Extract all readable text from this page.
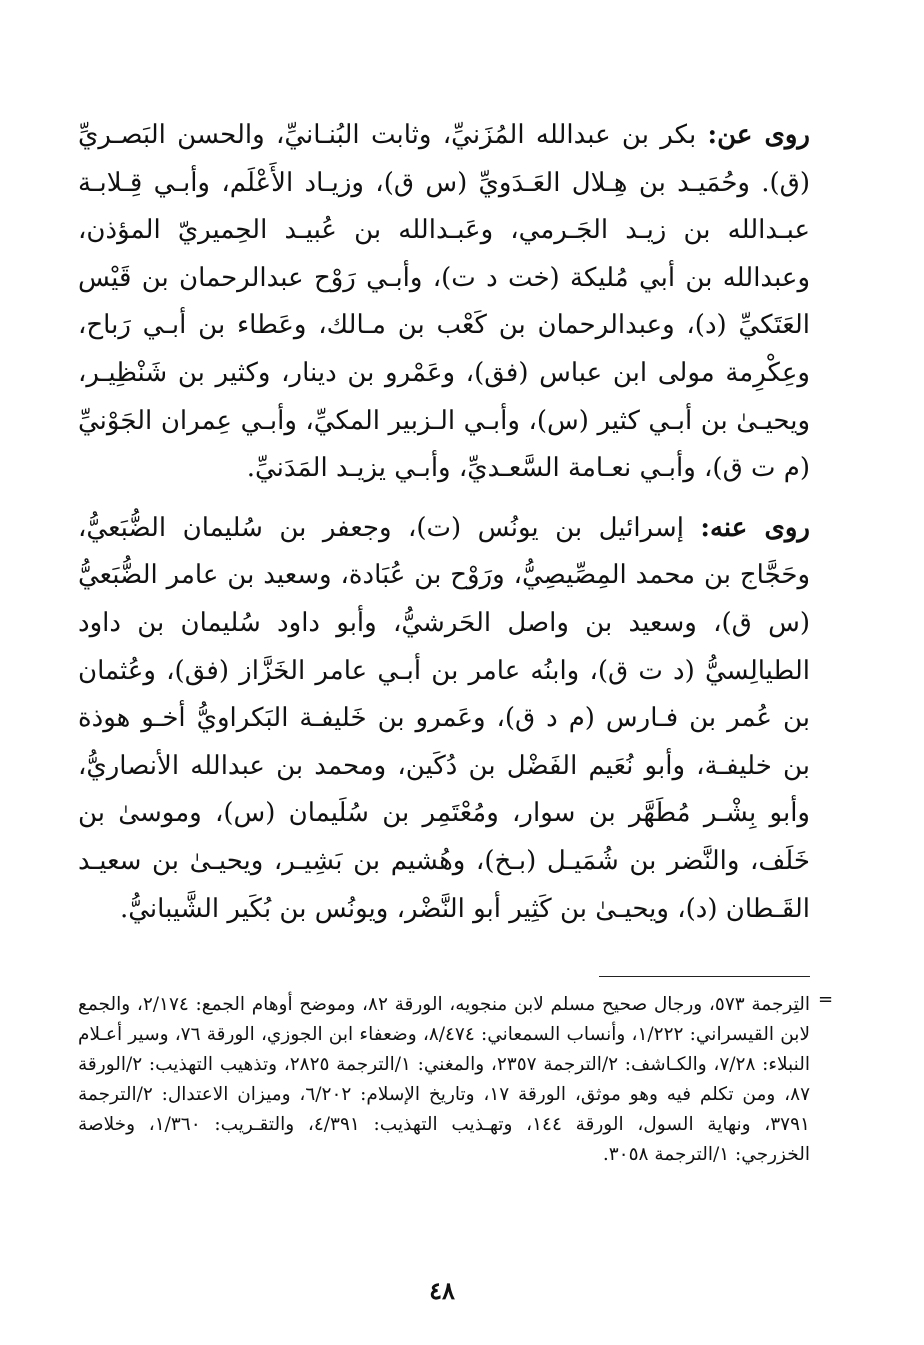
روى عن: بكر بن عبدالله المُزَنيِّ، وثابت البُنـانيِّ، والحسن البَصـريِّ (ق). وحُمَيـد بن هِـلال العَـدَويِّ (س ق)، وزيـاد الأَعْلَم، وأبـي قِـلابـة عبـدالله بن زيـد الجَـرمي، وعَبـدالله بن عُبيـد الحِميريّ المؤذن، وعبدالله بن أبي مُليكة (خت د ت)، وأبـي رَوْح عبدالرحمان بن قَيْس العَتَكيِّ (د)، وعبدالرحمان بن كَعْب بن مـالك، وعَطاء بن أبـي رَباح، وعِكْرِمة مولى ابن عباس (فق)، وعَمْرو بن دينار، وكثير بن شَنْظِيـر، ويحيـىٰ بن أبـي كثير (س)، وأبـي الـزبير المكيِّ، وأبـي عِمران الجَوْنيِّ (م ت ق)، وأبـي نعـامة السَّعـديِّ، وأبـي يزيـد المَدَنيِّ.

روى عنه: إسرائيل بن يونُس (ت)، وجعفر بن سُليمان الضُّبَعيُّ، وحَجَّاج بن محمد المِصِّيصِيُّ، ورَوْح بن عُبَادة، وسعيد بن عامر الضُّبَعيُّ (س ق)، وسعيد بن واصل الحَرشيُّ، وأبو داود سُليمان بن داود الطيالِسيُّ (د ت ق)، وابنُه عامر بن أبـي عامر الخَزَّاز (فق)، وعُثمان بن عُمر بن فـارس (م د ق)، وعَمرو بن خَليفـة البَكراويُّ أخـو هوذة بن خليفـة، وأبو نُعَيم الفَضْل بن دُكَين، ومحمد بن عبدالله الأنصاريُّ، وأبو بِشْـر مُطَهَّر بن سوار، ومُعْتَمِر بن سُلَيمان (س)، وموسىٰ بن خَلَف، والنَّضر بن شُمَيـل (بـخ)، وهُشيم بن بَشِيـر، ويحيـىٰ بن سعيـد القَـطان (د)، ويحيـىٰ بن كَثِير أبو النَّضْر، ويونُس بن بُكَير الشَّيبانيُّ.

=
التِرجمة ٥٧٣، ورجال صحيح مسلم لابن منجويه، الورقة ٨٢، وموضح أوهام الجمع: ٢/١٧٤، والجمع لابن القيسراني: ١/٢٢٢، وأنساب السمعاني: ٨/٤٧٤، وضعفاء ابن الجوزي، الورقة ٧٦، وسير أعـلام النبلاء: ٧/٢٨، والكـاشف: ٢/الترجمة ٢٣٥٧، والمغني: ١/الترجمة ٢٨٢٥، وتذهيب التهذيب: ٢/الورقة ٨٧، ومن تكلم فيه وهو موثق، الورقة ١٧، وتاريخ الإسلام: ٦/٢٠٢، وميزان الاعتدال: ٢/الترجمة ٣٧٩١، ونهاية السول، الورقة ١٤٤، وتهـذيب التهذيب: ٤/٣٩١، والتقـريب: ١/٣٦٠، وخلاصة الخزرجي: ١/الترجمة ٣٠٥٨.
٤٨
